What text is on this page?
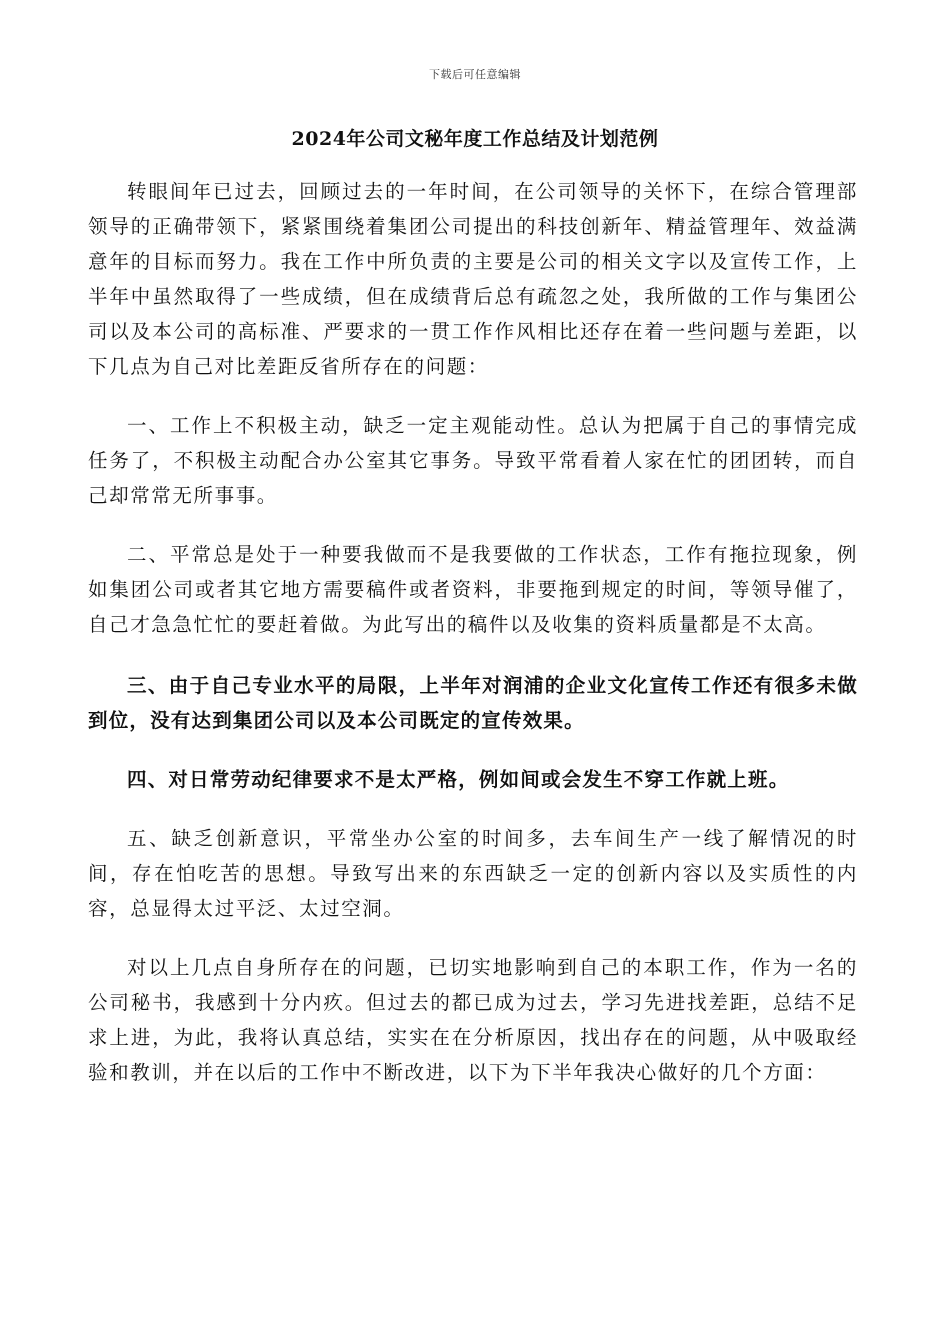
下载后可任意编辑
2024年公司文秘年度工作总结及计划范例

转眼间年已过去，回顾过去的一年时间，在公司领导的关怀下，在综合管理部领导的正确带领下，紧紧围绕着集团公司提出的科技创新年、精益管理年、效益满意年的目标而努力。我在工作中所负责的主要是公司的相关文字以及宣传工作，上半年中虽然取得了一些成绩，但在成绩背后总有疏忽之处，我所做的工作与集团公司以及本公司的高标准、严要求的一贯工作作风相比还存在着一些问题与差距，以下几点为自己对比差距反省所存在的问题：

一、工作上不积极主动，缺乏一定主观能动性。总认为把属于自己的事情完成任务了，不积极主动配合办公室其它事务。导致平常看着人家在忙的团团转，而自己却常常无所事事。

二、平常总是处于一种要我做而不是我要做的工作状态，工作有拖拉现象，例如集团公司或者其它地方需要稿件或者资料，非要拖到规定的时间，等领导催了，自己才急急忙忙的要赶着做。为此写出的稿件以及收集的资料质量都是不太高。

三、由于自己专业水平的局限，上半年对润浦的企业文化宣传工作还有很多未做到位，没有达到集团公司以及本公司既定的宣传效果。

四、对日常劳动纪律要求不是太严格，例如间或会发生不穿工作就上班。

五、缺乏创新意识，平常坐办公室的时间多，去车间生产一线了解情况的时间，存在怕吃苦的思想。导致写出来的东西缺乏一定的创新内容以及实质性的内容，总显得太过平泛、太过空洞。

对以上几点自身所存在的问题，已切实地影响到自己的本职工作，作为一名的公司秘书，我感到十分内疚。但过去的都已成为过去，学习先进找差距，总结不足求上进，为此，我将认真总结，实实在在分析原因，找出存在的问题，从中吸取经验和教训，并在以后的工作中不断改进，以下为下半年我决心做好的几个方面：
